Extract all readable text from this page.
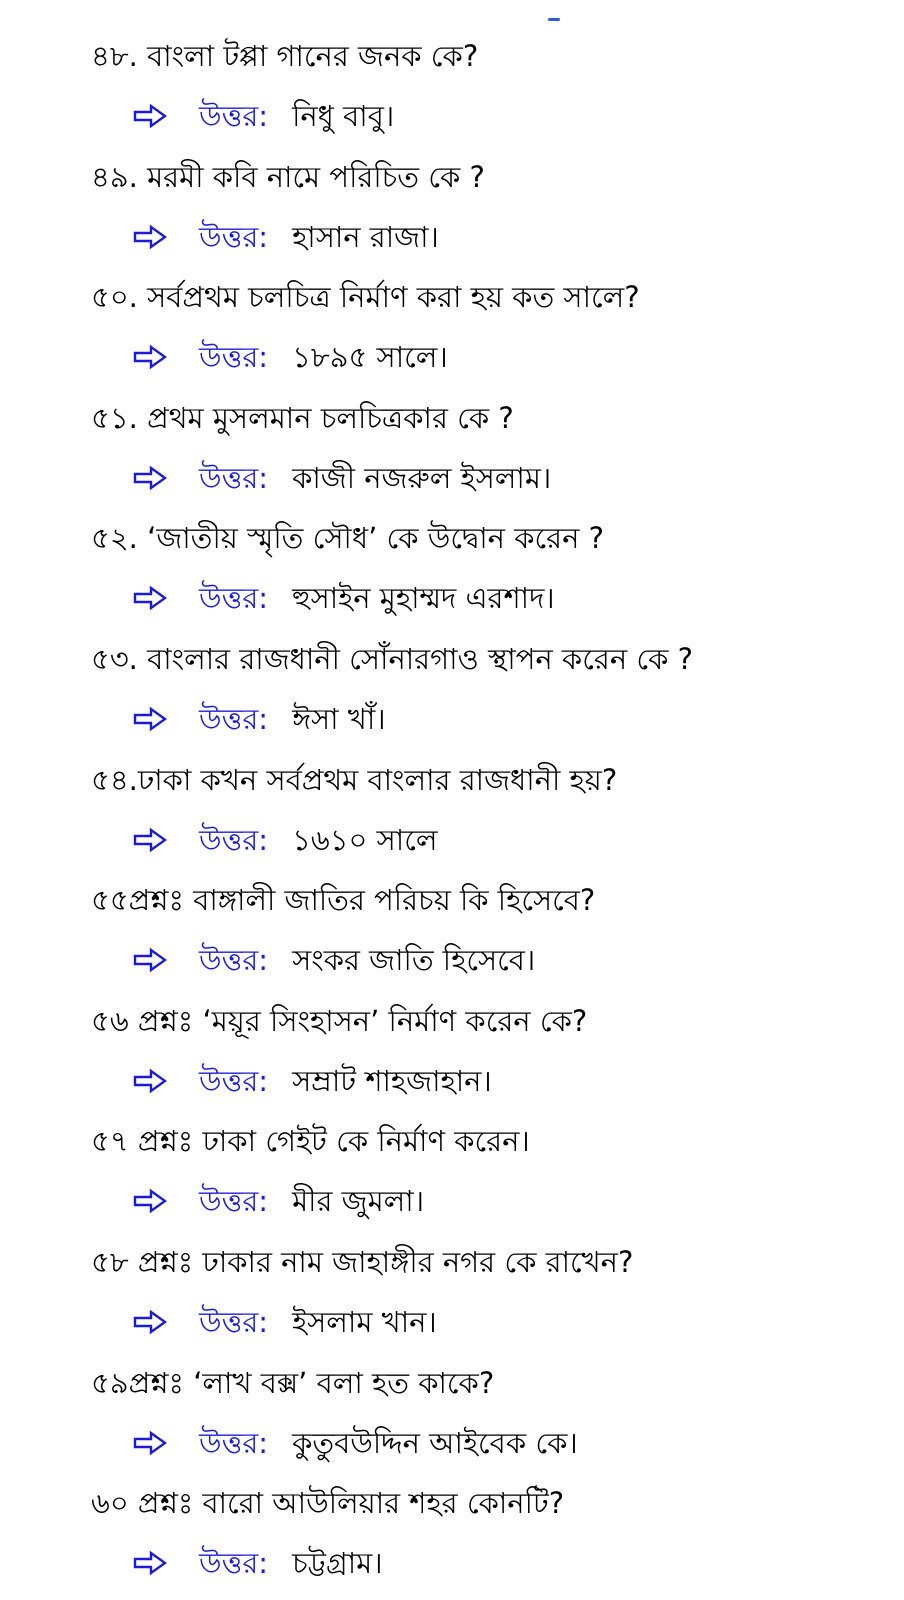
৪৮. বাংলা টপ্পা গানের জনক কে?
উত্তর: নিধু বাবু।
৪৯. মরমী কবি নামে পরিচিত কে ?
উত্তর: হাসান রাজা।
৫০. সর্বপ্রথম চলচিত্র নির্মাণ করা হয় কত সালে?
উত্তর: ১৮৯৫ সালে।
৫১. প্রথম মুসলমান চলচিত্রকার কে ?
উত্তর: কাজী নজরুল ইসলাম।
৫২. ‘জাতীয় স্মৃতি সৌধ’ কে উদ্বোন করেন ?
উত্তর: হুসাইন মুহাম্মদ এরশাদ।
৫৩. বাংলার রাজধানী সোঁনারগাও স্থাপন করেন কে ?
উত্তর: ঈসা খাঁ।
৫৪.ঢাকা কখন সর্বপ্রথম বাংলার রাজধানী হয়?
উত্তর: ১৬১০ সালে
৫৫প্রশ্নঃ বাঙ্গালী জাতির পরিচয় কি হিসেবে?
উত্তর: সংকর জাতি হিসেবে।
৫৬ প্রশ্নঃ ‘ময়ূর সিংহাসন’ নির্মাণ করেন কে?
উত্তর: সম্রাট শাহজাহান।
৫৭ প্রশ্নঃ ঢাকা গেইট কে নির্মাণ করেন।
উত্তর: মীর জুমলা।
৫৮ প্রশ্নঃ ঢাকার নাম জাহাঙ্গীর নগর কে রাখেন?
উত্তর: ইসলাম খান।
৫৯প্রশ্নঃ ‘লাখ বক্স’ বলা হত কাকে?
উত্তর: কুতুবউদ্দিন আইবেক কে।
৬০ প্রশ্নঃ বারো আউলিয়ার শহর কোনটি?
উত্তর: চট্টগ্রাম।
